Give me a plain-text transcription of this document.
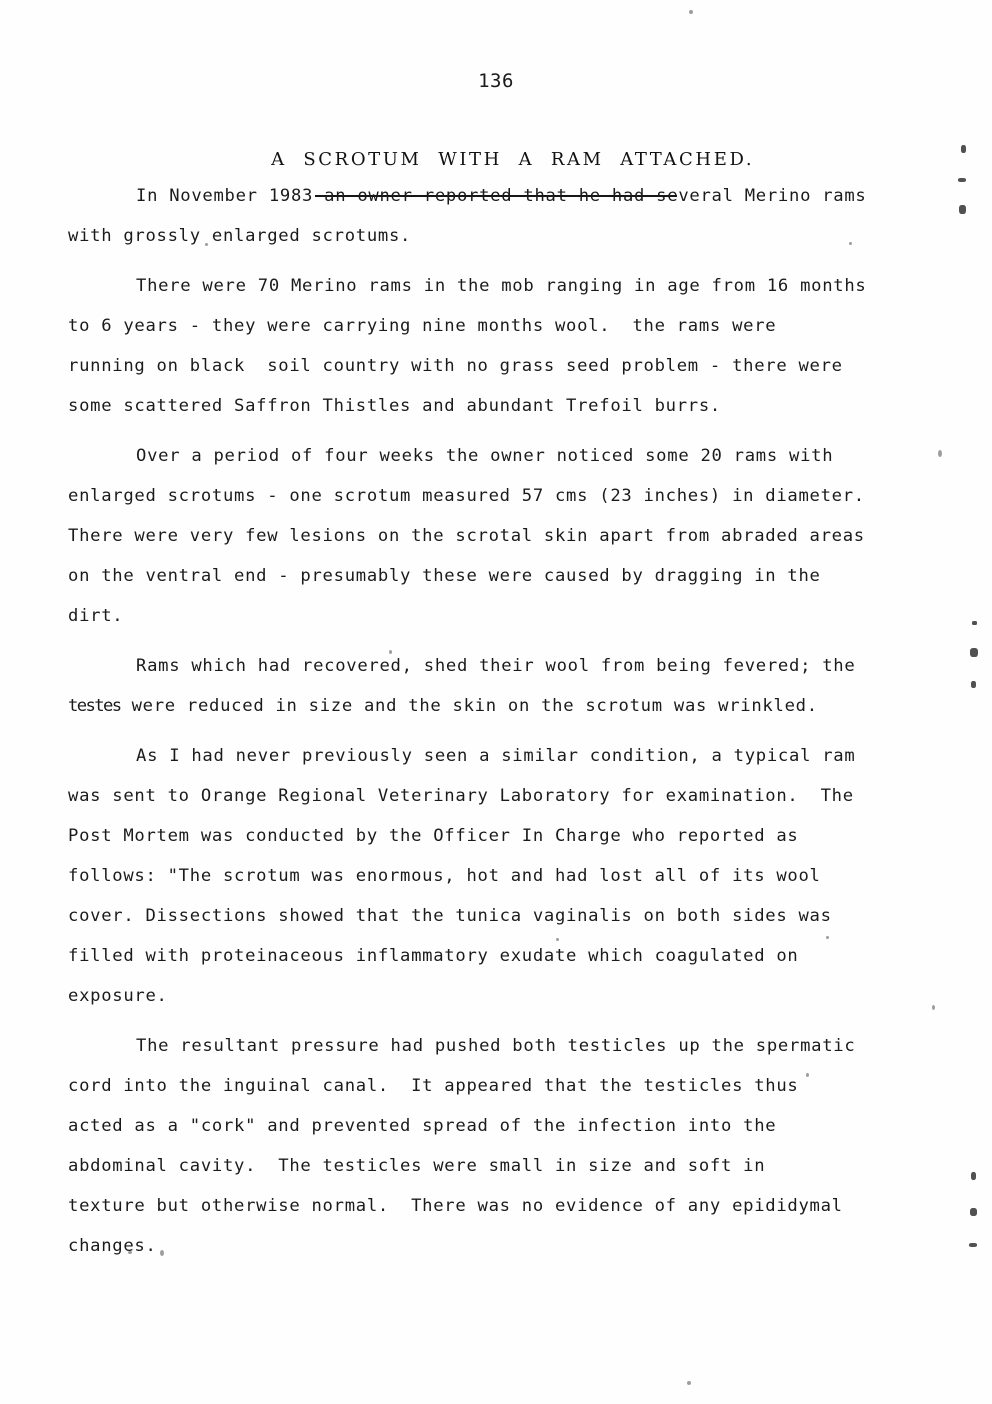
136

A  SCROTUM  WITH  A  RAM  ATTACHED.

In November 1983 an owner reported that he had several Merino rams
with grossly enlarged scrotums.
There were 70 Merino rams in the mob ranging in age from 16 months
to 6 years - they were carrying nine months wool.  the rams were
running on black  soil country with no grass seed problem - there were
some scattered Saffron Thistles and abundant Trefoil burrs.
Over a period of four weeks the owner noticed some 20 rams with
enlarged scrotums - one scrotum measured 57 cms (23 inches) in diameter.
There were very few lesions on the scrotal skin apart from abraded areas
on the ventral end - presumably these were caused by dragging in the
dirt.
Rams which had recovered, shed their wool from being fevered; the
testes were reduced in size and the skin on the scrotum was wrinkled.
As I had never previously seen a similar condition, a typical ram
was sent to Orange Regional Veterinary Laboratory for examination.  The
Post Mortem was conducted by the Officer In Charge who reported as
follows: "The scrotum was enormous, hot and had lost all of its wool
cover. Dissections showed that the tunica vaginalis on both sides was
filled with proteinaceous inflammatory exudate which coagulated on
exposure.
The resultant pressure had pushed both testicles up the spermatic
cord into the inguinal canal.  It appeared that the testicles thus
acted as a "cork" and prevented spread of the infection into the
abdominal cavity.  The testicles were small in size and soft in
texture but otherwise normal.  There was no evidence of any epididymal
changes.
